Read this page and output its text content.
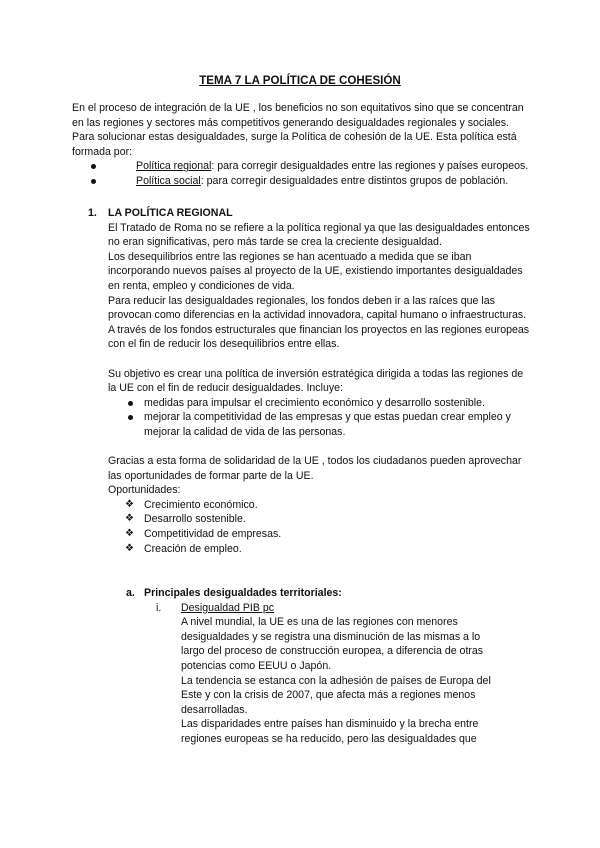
TEMA 7 LA POLÍTICA DE COHESIÓN

En el proceso de integración de la UE , los beneficios no son equitativos sino que se concentran en las regiones y sectores más competitivos generando desigualdades regionales y sociales. Para solucionar estas desigualdades, surge la Política de cohesión de la UE. Esta política está formada por:

Política regional: para corregir desigualdades entre las regiones y países europeos.
Política social: para corregir desigualdades entre distintos grupos de población.
1. LA POLÍTICA REGIONAL

El Tratado de Roma no se refiere a la política regional ya que las desigualdades entonces no eran significativas, pero más tarde se crea la creciente desigualdad.

Los desequilibrios entre las regiones se han acentuado a medida que se iban incorporando nuevos países al proyecto de la UE, existiendo importantes desigualdades en renta, empleo y condiciones de vida.

Para reducir las desigualdades regionales, los fondos deben ir a las raíces que las provocan como diferencias en la actividad innovadora, capital humano o infraestructuras.

A través de los fondos estructurales que financian los proyectos en las regiones europeas con el fin de reducir los desequilibrios entre ellas.

Su objetivo es crear una política de inversión estratégica dirigida a todas las regiones de la UE con el fin de reducir desigualdades. Incluye:

medidas para impulsar el crecimiento económico y desarrollo sostenible.
mejorar la competitividad de las empresas y que estas puedan crear empleo y mejorar la calidad de vida de las personas.

Gracias a esta forma de solidaridad de la UE , todos los ciudadanos pueden aprovechar las oportunidades de formar parte de la UE.

Oportunidades:

❖ Crecimiento económico.
❖ Desarrollo sostenible.
❖ Competitividad de empresas.
❖ Creación de empleo.
a. Principales desigualdades territoriales:
i. Desigualdad PIB pc

A nivel mundial, la UE es una de las regiones con menores desigualdades y se registra una disminución de las mismas a lo largo del proceso de construcción europea, a diferencia de otras potencias como EEUU o Japón.

La tendencia se estanca con la adhesión de países de Europa del Este y con la crisis de 2007, que afecta más a regiones menos desarrolladas.

Las disparidades entre países han disminuido y la brecha entre regiones europeas se ha reducido, pero las desigualdades que
